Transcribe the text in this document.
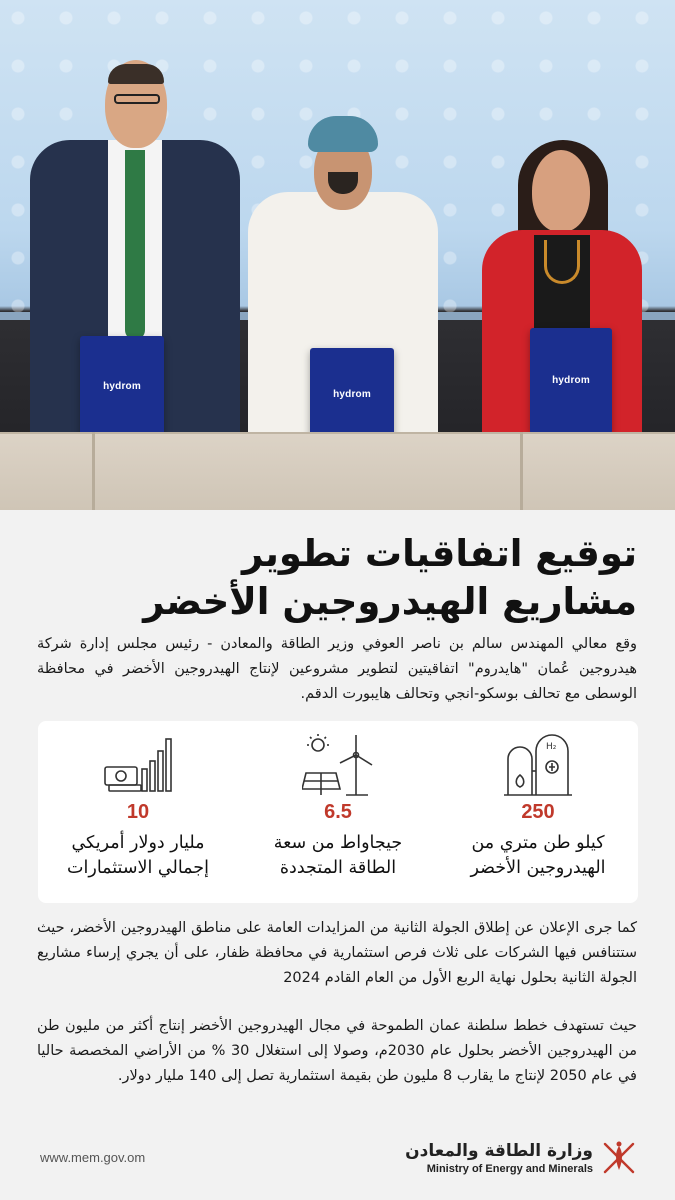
hydrom
hydrom
hydrom
توقيع اتفاقيات تطوير
مشاريع الهيدروجين الأخضر
وقع معالي المهندس سالم بن ناصر العوفي وزير الطاقة والمعادن - رئيس مجلس إدارة شركة هيدروجين عُمان "هايدروم" اتفاقيتين لتطوير مشروعين لإنتاج الهيدروجين الأخضر في محافظة الوسطى مع تحالف بوسكو-انجي وتحالف هايبورت الدقم.
10
مليار دولار أمريكي
إجمالي الاستثمارات
6.5
جيجاواط من سعة
الطاقة المتجددة
H₂
250
كيلو طن متري من
الهيدروجين الأخضر
كما جرى الإعلان عن إطلاق الجولة الثانية من المزايدات العامة على مناطق الهيدروجين الأخضر، حيث ستتنافس فيها الشركات على ثلاث فرص استثمارية في محافظة ظفار، على أن يجري إرساء مشاريع الجولة الثانية بحلول نهاية الربع الأول من العام القادم 2024
حيث تستهدف خطط سلطنة عمان الطموحة في مجال الهيدروجين الأخضر إنتاج أكثر من مليون طن من الهيدروجين الأخضر بحلول عام 2030م، وصولا إلى استغلال 30 % من الأراضي المخصصة حاليا في عام 2050 لإنتاج ما يقارب 8 مليون طن بقيمة استثمارية تصل إلى 140 مليار دولار.
www.mem.gov.om	وزارة الطاقة والمعادن
Ministry of Energy and Minerals
